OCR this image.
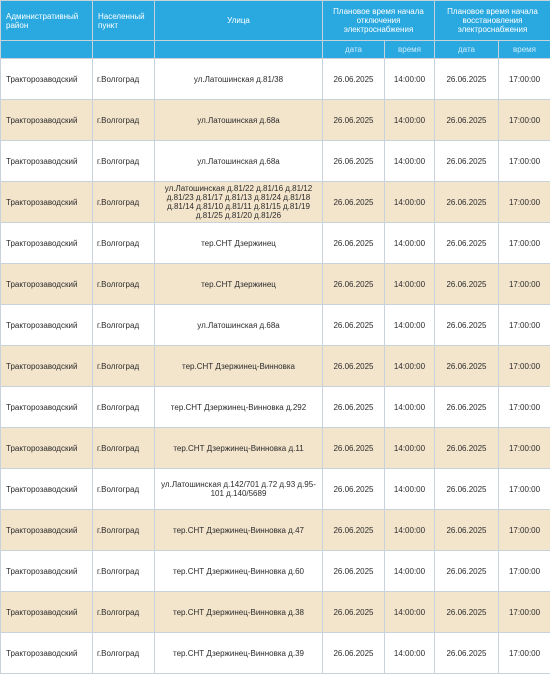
Административный район	Населенный пункт	Улица	Плановое время начала отключения электроснабжения		Плановое время начала восстановления электроснабжения	
			дата	время	дата	время
Тракторозаводский	г.Волгоград	ул.Латошинская д.81/38	26.06.2025	14:00:00	26.06.2025	17:00:00
Тракторозаводский	г.Волгоград	ул.Латошинская д.68а	26.06.2025	14:00:00	26.06.2025	17:00:00
Тракторозаводский	г.Волгоград	ул.Латошинская д.68а	26.06.2025	14:00:00	26.06.2025	17:00:00
Тракторозаводский	г.Волгоград	ул.Латошинская д.81/22 д.81/16 д.81/12 д.81/23 д.81/17 д.81/13 д.81/24 д.81/18 д.81/14 д.81/10 д.81/11 д.81/15 д.81/19 д.81/25 д.81/20 д.81/26	26.06.2025	14:00:00	26.06.2025	17:00:00
Тракторозаводский	г.Волгоград	тер.СНТ Дзержинец	26.06.2025	14:00:00	26.06.2025	17:00:00
Тракторозаводский	г.Волгоград	тер.СНТ Дзержинец	26.06.2025	14:00:00	26.06.2025	17:00:00
Тракторозаводский	г.Волгоград	ул.Латошинская д.68а	26.06.2025	14:00:00	26.06.2025	17:00:00
Тракторозаводский	г.Волгоград	тер.СНТ Дзержинец-Винновка	26.06.2025	14:00:00	26.06.2025	17:00:00
Тракторозаводский	г.Волгоград	тер.СНТ Дзержинец-Винновка д.292	26.06.2025	14:00:00	26.06.2025	17:00:00
Тракторозаводский	г.Волгоград	тер.СНТ Дзержинец-Винновка д.11	26.06.2025	14:00:00	26.06.2025	17:00:00
Тракторозаводский	г.Волгоград	ул.Латошинская д.142/701 д.72 д.93 д.95-101 д.140/5689	26.06.2025	14:00:00	26.06.2025	17:00:00
Тракторозаводский	г.Волгоград	тер.СНТ Дзержинец-Винновка д.47	26.06.2025	14:00:00	26.06.2025	17:00:00
Тракторозаводский	г.Волгоград	тер.СНТ Дзержинец-Винновка д.60	26.06.2025	14:00:00	26.06.2025	17:00:00
Тракторозаводский	г.Волгоград	тер.СНТ Дзержинец-Винновка д.38	26.06.2025	14:00:00	26.06.2025	17:00:00
Тракторозаводский	г.Волгоград	тер.СНТ Дзержинец-Винновка д.39	26.06.2025	14:00:00	26.06.2025	17:00:00
